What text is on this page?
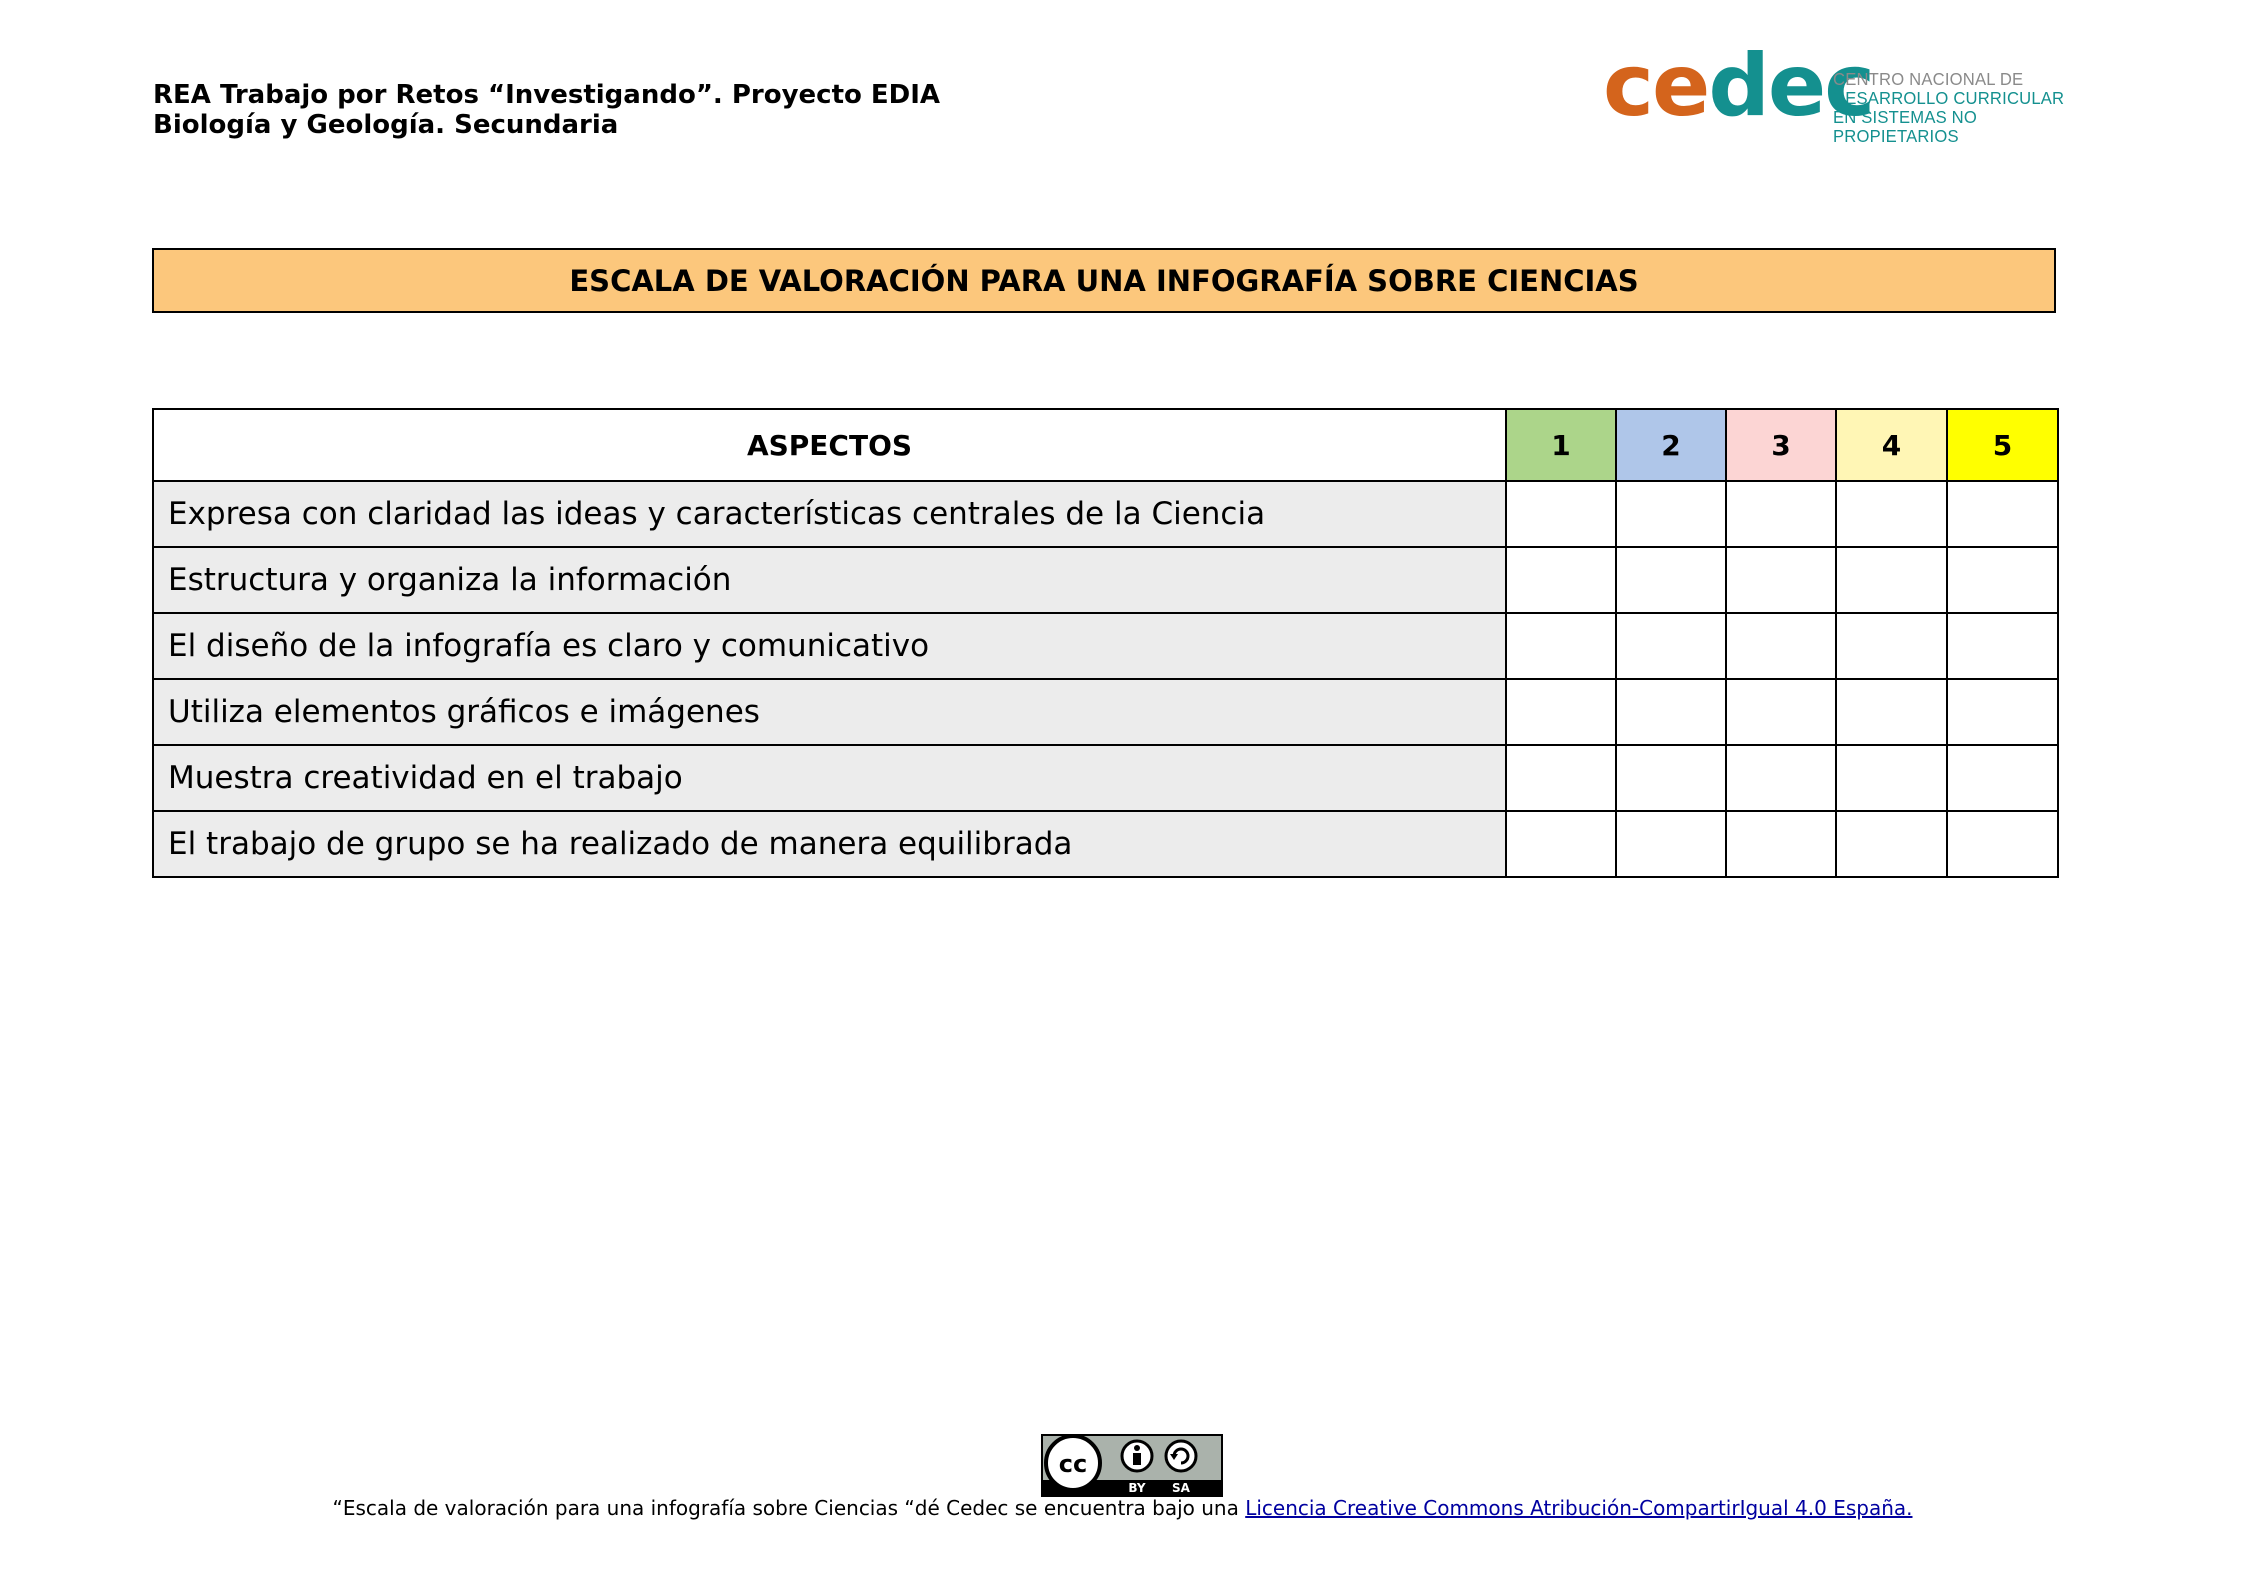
REA Trabajo por Retos “Investigando”. Proyecto EDIA
Biología y Geología. Secundaria	cedec
CENTRO NACIONAL DE
DESARROLLO CURRICULAR
EN SISTEMAS NO PROPIETARIOS
ESCALA DE VALORACIÓN PARA UNA INFOGRAFÍA SOBRE CIENCIAS
ASPECTOS	1	2	3	4	5
Expresa con claridad las ideas y características centrales de la Ciencia					
Estructura y organiza la información					
El diseño de la infografía es claro y comunicativo					
Utiliza elementos gráficos e imágenes					
Muestra creatividad en el trabajo					
El trabajo de grupo se ha realizado de manera equilibrada					
cc
BY SA
“Escala de valoración para una infografía sobre Ciencias “dé Cedec se encuentra bajo una Licencia Creative Commons Atribución-CompartirIgual 4.0 España.
